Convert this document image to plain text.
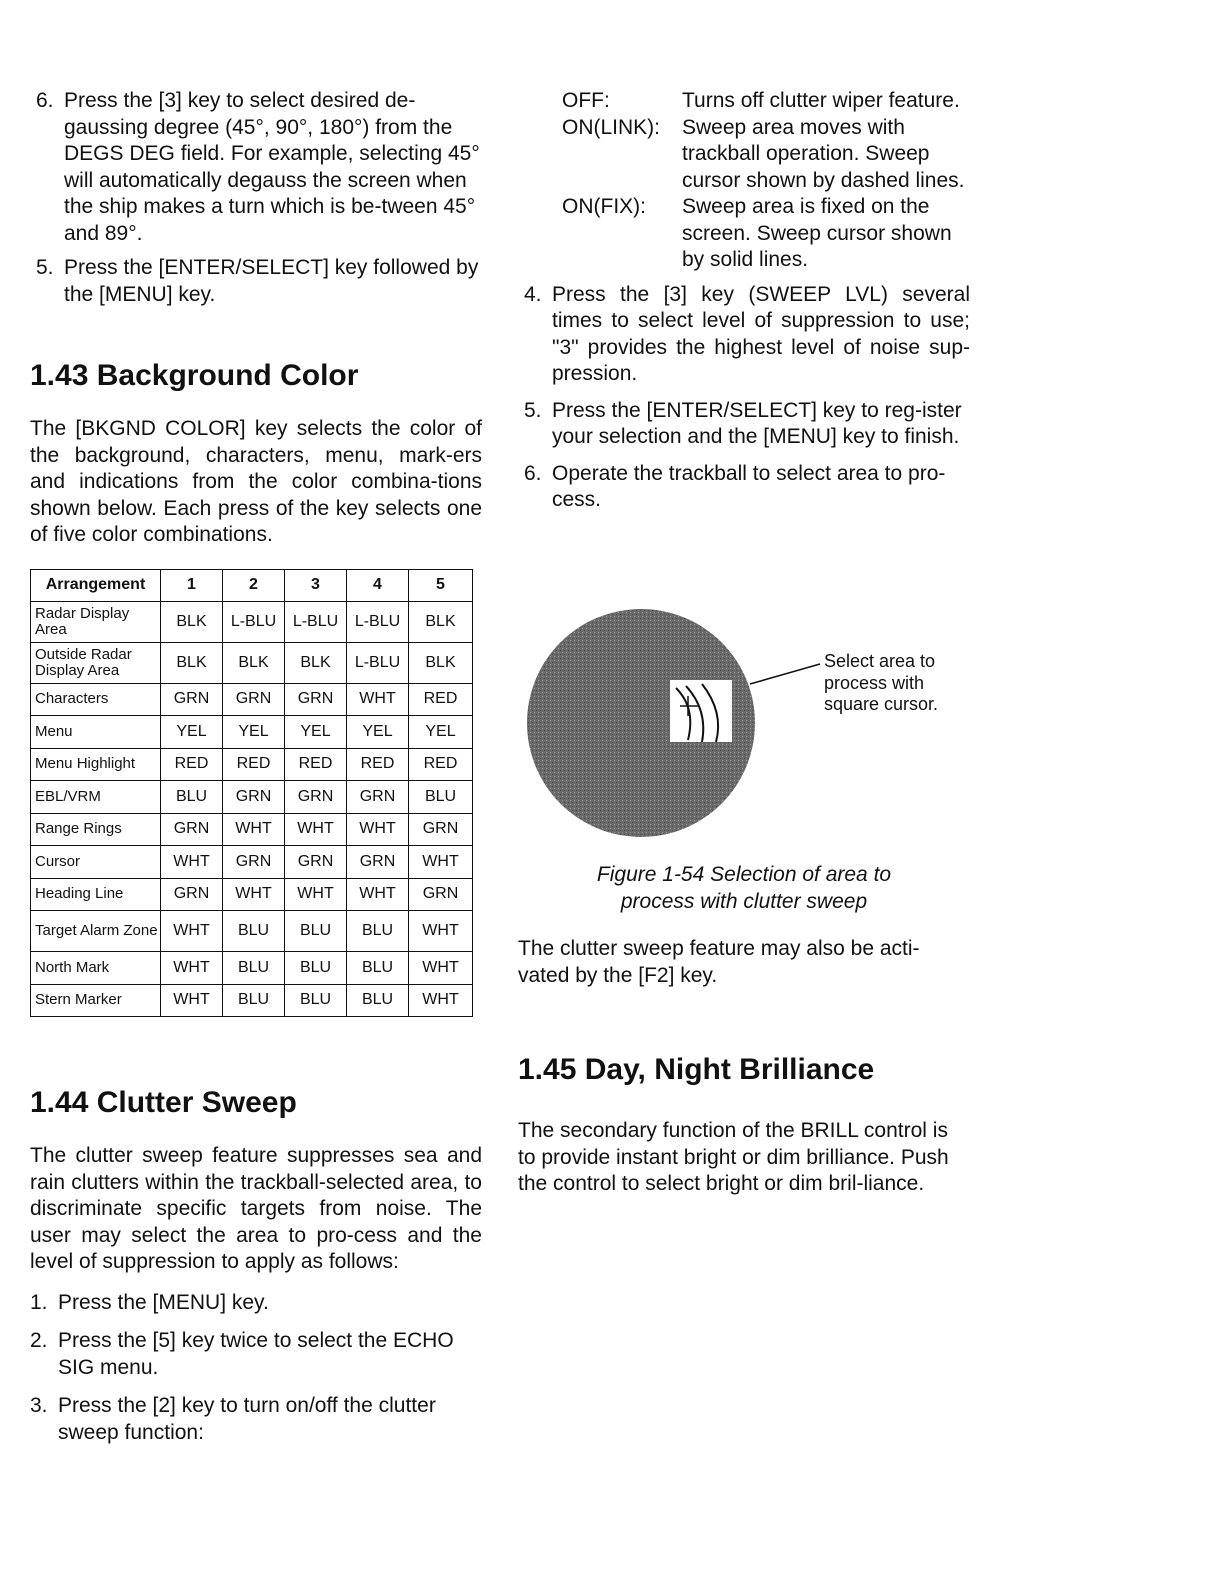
6. Press the [3] key to select desired de-gaussing degree (45°, 90°, 180°) from the DEGS DEG field. For example, selecting 45° will automatically degauss the screen when the ship makes a turn which is be-tween 45° and 89°.
5. Press the [ENTER/SELECT] key followed by the [MENU] key.
1.43 Background Color

The [BKGND COLOR] key selects the color of the background, characters, menu, mark-ers and indications from the color combina-tions shown below. Each press of the key selects one of five color combinations.

Arrangement	1	2	3	4	5
Radar Display Area	BLK	L-BLU	L-BLU	L-BLU	BLK
Outside Radar Display Area	BLK	BLK	BLK	L-BLU	BLK
Characters	GRN	GRN	GRN	WHT	RED
Menu	YEL	YEL	YEL	YEL	YEL
Menu Highlight	RED	RED	RED	RED	RED
EBL/VRM	BLU	GRN	GRN	GRN	BLU
Range Rings	GRN	WHT	WHT	WHT	GRN
Cursor	WHT	GRN	GRN	GRN	WHT
Heading Line	GRN	WHT	WHT	WHT	GRN
Target Alarm Zone	WHT	BLU	BLU	BLU	WHT
North Mark	WHT	BLU	BLU	BLU	WHT
Stern Marker	WHT	BLU	BLU	BLU	WHT
1.44 Clutter Sweep

The clutter sweep feature suppresses sea and rain clutters within the trackball-selected area, to discriminate specific targets from noise. The user may select the area to pro-cess and the level of suppression to apply as follows:

1. Press the [MENU] key.
2. Press the [5] key twice to select the ECHO SIG menu.
3. Press the [2] key to turn on/off the clutter sweep function:
OFF:	Turns off clutter wiper feature.
ON(LINK):	Sweep area moves with trackball operation. Sweep cursor shown by dashed lines.
ON(FIX):	Sweep area is fixed on the screen. Sweep cursor shown by solid lines.
4. Press the [3] key (SWEEP LVL) several times to select level of suppression to use; "3" provides the highest level of noise sup-pression.
5. Press the [ENTER/SELECT] key to reg-ister your selection and the [MENU] key to finish.
6. Operate the trackball to select area to pro-cess.
Select area to process with square cursor.
Figure 1-54 Selection of area to process with clutter sweep

The clutter sweep feature may also be acti-vated by the [F2] key.

1.45 Day, Night Brilliance

The secondary function of the BRILL control is to provide instant bright or dim brilliance. Push the control to select bright or dim bril-liance.
